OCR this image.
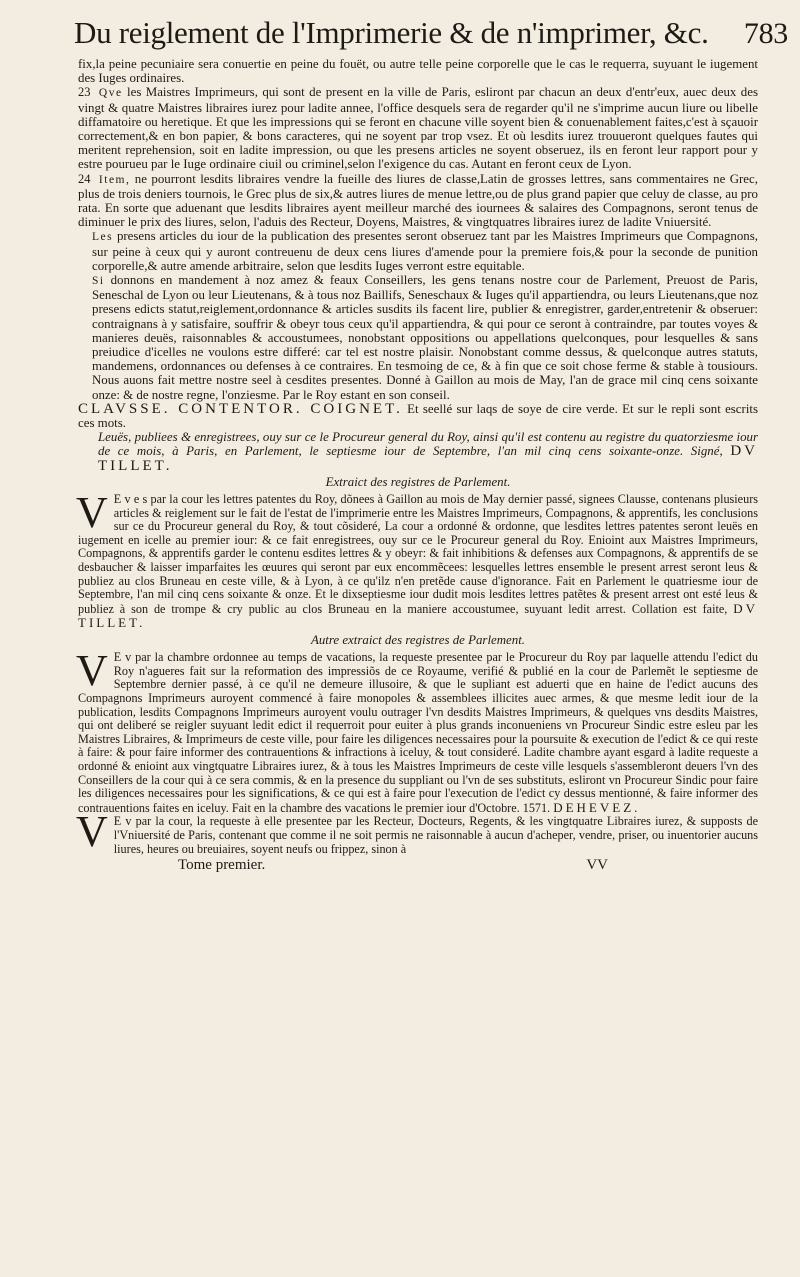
Du reiglement de l'Imprimerie & de n'imprimer, &c. 783

fix,la peine pecuniaire sera conuertie en peine du fouët, ou autre telle peine corporelle que le cas le requerra, suyuant le iugement des Iuges ordinaires.

23 Qve les Maistres Imprimeurs, qui sont de present en la ville de Paris, esliront par chacun an deux d'entr'eux, auec deux des vingt & quatre Maistres libraires iurez pour ladite annee, l'office desquels sera de regarder qu'il ne s'imprime aucun liure ou libelle diffamatoire ou heretique. Et que les impressions qui se feront en chacune ville soyent bien & conuenablement faites,c'est à sçauoir correctement,& en bon papier, & bons caracteres, qui ne soyent par trop vsez. Et où lesdits iurez trouueront quelques fautes qui meritent reprehension, soit en ladite impression, ou que les presens articles ne soyent obseruez, ils en feront leur rapport pour y estre pourueu par le Iuge ordinaire ciuil ou criminel,selon l'exigence du cas. Autant en feront ceux de Lyon.

24 Item, ne pourront lesdits libraires vendre la fueille des liures de classe,Latin de grosses lettres, sans commentaires ne Grec, plus de trois deniers tournois, le Grec plus de six,& autres liures de menue lettre,ou de plus grand papier que celuy de classe, au pro rata. En sorte que aduenant que lesdits libraires ayent meilleur marché des iournees & salaires des Compagnons, seront tenus de diminuer le prix des liures, selon, l'aduis des Recteur, Doyens, Maistres, & vingtquatres libraires iurez de ladite Vniuersité.

Les presens articles du iour de la publication des presentes seront obseruez tant par les Maistres Imprimeurs que Compagnons, sur peine à ceux qui y auront contreuenu de deux cens liures d'amende pour la premiere fois,& pour la seconde de punition corporelle,& autre amende arbitraire, selon que lesdits Iuges verront estre equitable.

Si donnons en mandement à noz amez & feaux Conseillers, les gens tenans nostre cour de Parlement, Preuost de Paris, Seneschal de Lyon ou leur Lieutenans, & à tous noz Baillifs, Seneschaux & Iuges qu'il appartiendra, ou leurs Lieutenans,que noz presens edicts statut,reiglement,ordonnance & articles susdits ils facent lire, publier & enregistrer, garder,entretenir & obseruer: contraignans à y satisfaire, souffrir & obeyr tous ceux qu'il appartiendra, & qui pour ce seront à contraindre, par toutes voyes & manieres deuës, raisonnables & accoustumees, nonobstant oppositions ou appellations quelconques, pour lesquelles & sans preiudice d'icelles ne voulons estre differé: car tel est nostre plaisir. Nonobstant comme dessus, & quelconque autres statuts, mandemens, ordonnances ou defenses à ce contraires. En tesmoing de ce, & à fin que ce soit chose ferme & stable à tousiours. Nous auons fait mettre nostre seel à cesdites presentes. Donné à Gaillon au mois de May, l'an de grace mil cinq cens soixante onze: & de nostre regne, l'onziesme. Par le Roy estant en son conseil.

CLAVSSE. CONTENTOR. COIGNET. Et seellé sur laqs de soye de cire verde. Et sur le repli sont escrits ces mots.

Leuës, publiees & enregistrees, ouy sur ce le Procureur general du Roy, ainsi qu'il est contenu au registre du quatorziesme iour de ce mois, à Paris, en Parlement, le septiesme iour de Septembre, l'an mil cinq cens soixante-onze. Signé, DV TILLET.

Extraict des registres de Parlement.

V E v e s par la cour les lettres patentes du Roy, dõnees à Gaillon au mois de May dernier passé, signees Clausse, contenans plusieurs articles & reiglement sur le fait de l'estat de l'imprimerie entre les Maistres Imprimeurs, Compagnons, & apprentifs, les conclusions sur ce du Procureur general du Roy, & tout cõsideré, La cour a ordonné & ordonne, que lesdites lettres patentes seront leuës en iugement en icelle au premier iour: & ce fait enregistrees, ouy sur ce le Procureur general du Roy. Enioint aux Maistres Imprimeurs, Compagnons, & apprentifs garder le contenu esdites lettres & y obeyr: & fait inhibitions & defenses aux Compagnons, & apprentifs de se desbaucher & laisser imparfaites les œuures qui seront par eux encommẽcees: lesquelles lettres ensemble le present arrest seront leus & publiez au clos Bruneau en ceste ville, & à Lyon, à ce qu'ilz n'en pretẽde cause d'ignorance. Fait en Parlement le quatriesme iour de Septembre, l'an mil cinq cens soixante & onze. Et le dixseptiesme iour dudit mois lesdites lettres patẽtes & present arrest ont esté leus & publiez à son de trompe & cry public au clos Bruneau en la maniere accoustumee, suyuant ledit arrest. Collation est faite, DV TILLET.

Autre extraict des registres de Parlement.

V E v par la chambre ordonnee au temps de vacations, la requeste presentee par le Procureur du Roy par laquelle attendu l'edict du Roy n'agueres fait sur la reformation des impressiõs de ce Royaume, verifié & publié en la cour de Parlemẽt le septiesme de Septembre dernier passé, à ce qu'il ne demeure illusoire, & que le supliant est aduerti que en haine de l'edict aucuns des Compagnons Imprimeurs auroyent commencé à faire monopoles & assemblees illicites auec armes, & que mesme ledit iour de la publication, lesdits Compagnons Imprimeurs auroyent voulu outrager l'vn desdits Maistres Imprimeurs, & quelques vns desdits Maistres, qui ont deliberé se reigler suyuant ledit edict il requerroit pour euiter à plus grands inconueniens vn Procureur Sindic estre esleu par les Maistres Libraires, & Imprimeurs de ceste ville, pour faire les diligences necessaires pour la poursuite & execution de l'edict & ce qui reste à faire: & pour faire informer des contrauentions & infractions à iceluy, & tout consideré. Ladite chambre ayant esgard à ladite requeste a ordonné & enioint aux vingtquatre Libraires iurez, & à tous les Maistres Imprimeurs de ceste ville lesquels s'assembleront deuers l'vn des Conseillers de la cour qui à ce sera commis, & en la presence du suppliant ou l'vn de ses substituts, esliront vn Procureur Sindic pour faire les diligences necessaires pour les significations, & ce qui est à faire pour l'execution de l'edict cy dessus mentionné, & faire informer des contrauentions faites en iceluy. Fait en la chambre des vacations le premier iour d'Octobre. 1571. DEHEVEZ.

V E v par la cour, la requeste à elle presentee par les Recteur, Docteurs, Regents, & les vingtquatre Libraires iurez, & supposts de l'Vniuersité de Paris, contenant que comme il ne soit permis ne raisonnable à aucun d'acheper, vendre, priser, ou inuentorier aucuns liures, heures ou breuiaires, soyent neufs ou frippez, sinon à

Tome premier.	VV
